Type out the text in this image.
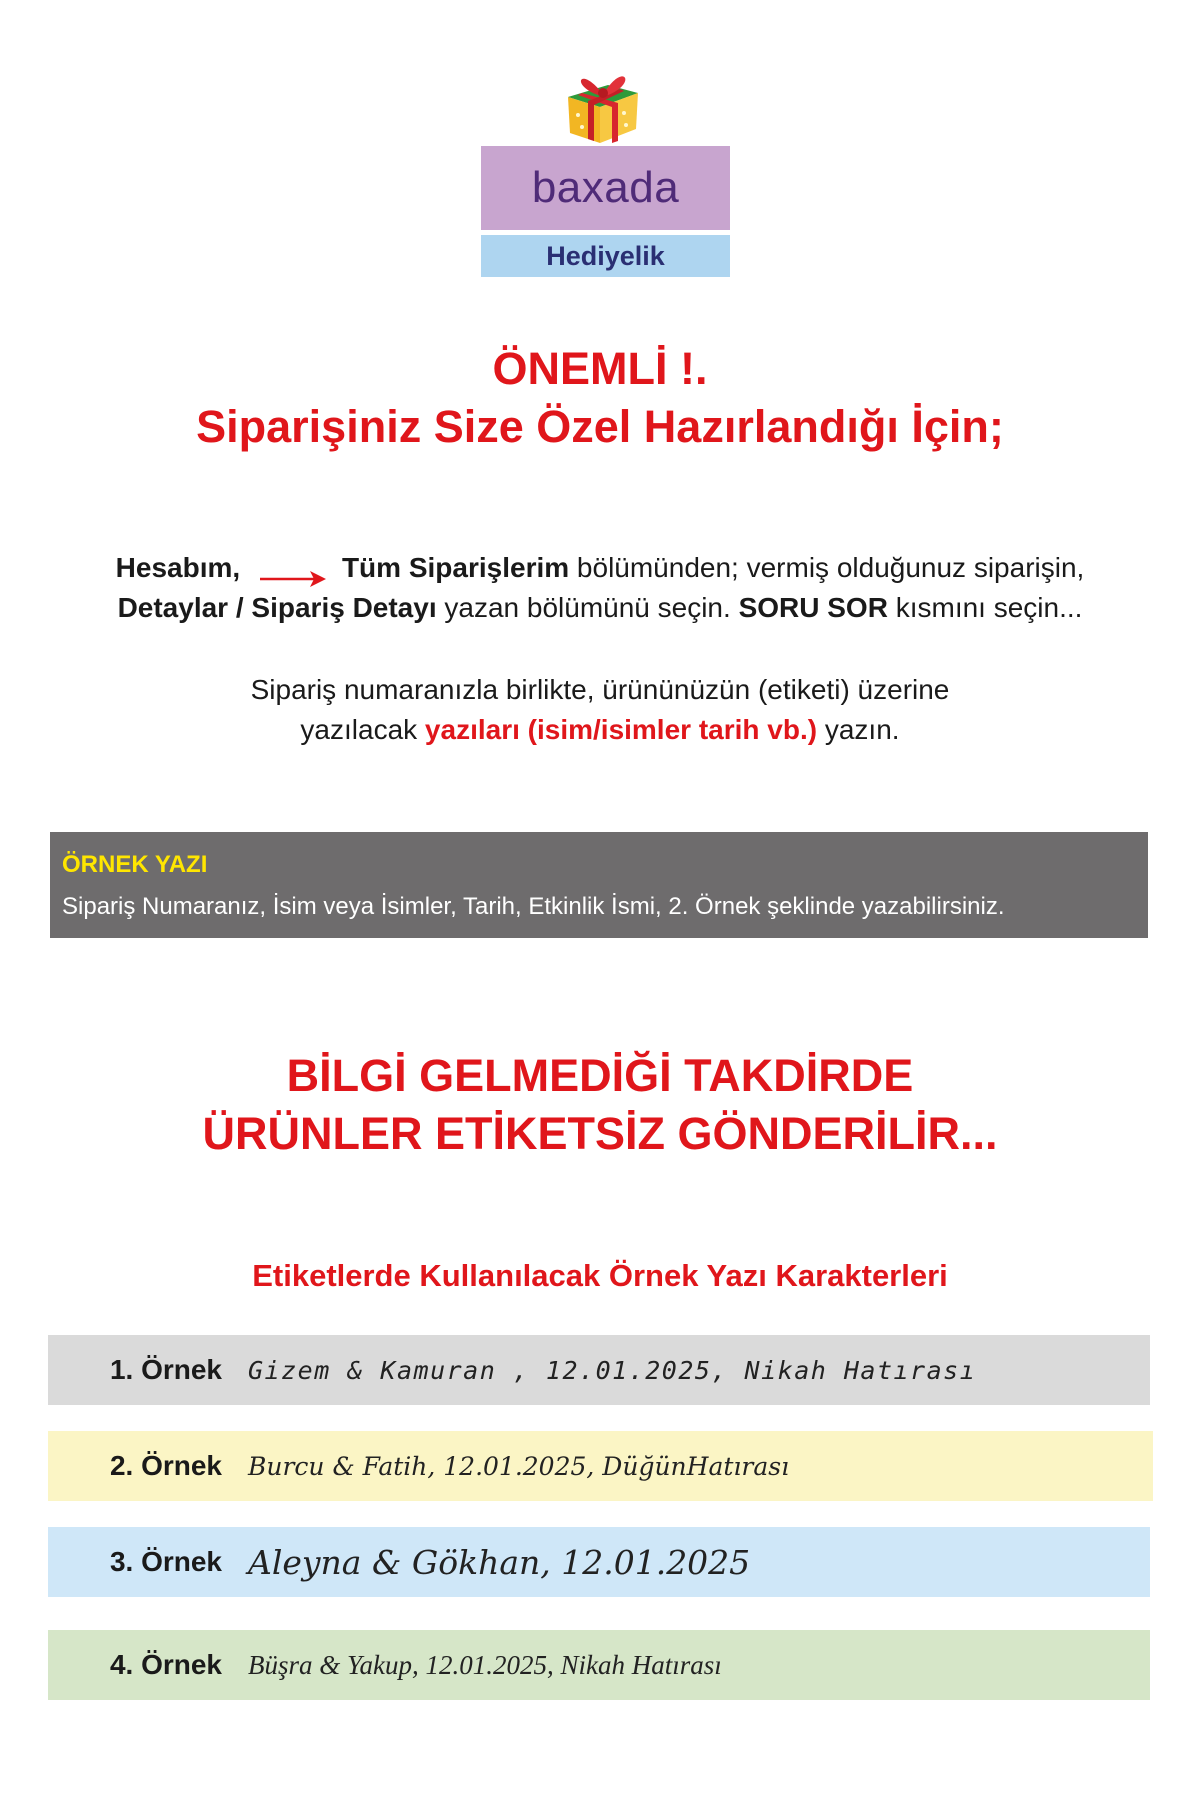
baxada
Hediyelik
ÖNEMLİ !.
Siparişiniz Size Özel Hazırlandığı İçin;
Hesabım,	Tüm Siparişlerim bölümünden; vermiş olduğunuz siparişin,
Detaylar / Sipariş Detayı yazan bölümünü seçin. SORU SOR kısmını seçin...
Sipariş numaranızla birlikte, ürününüzün (etiketi) üzerine
yazılacak yazıları (isim/isimler tarih vb.) yazın.
ÖRNEK YAZI
Sipariş Numaranız, İsim veya İsimler, Tarih, Etkinlik İsmi, 2. Örnek şeklinde yazabilirsiniz.
BİLGİ GELMEDİĞİ TAKDİRDE
ÜRÜNLER ETİKETSİZ GÖNDERİLİR...
Etiketlerde Kullanılacak Örnek Yazı Karakterleri
1. Örnek	Gizem & Kamuran , 12.01.2025, Nikah Hatırası
2. Örnek	Burcu & Fatih, 12.01.2025, DüğünHatırası
3. Örnek Aleyna & Gökhan, 12.01.2025
4. Örnek Büşra & Yakup, 12.01.2025, Nikah Hatırası
